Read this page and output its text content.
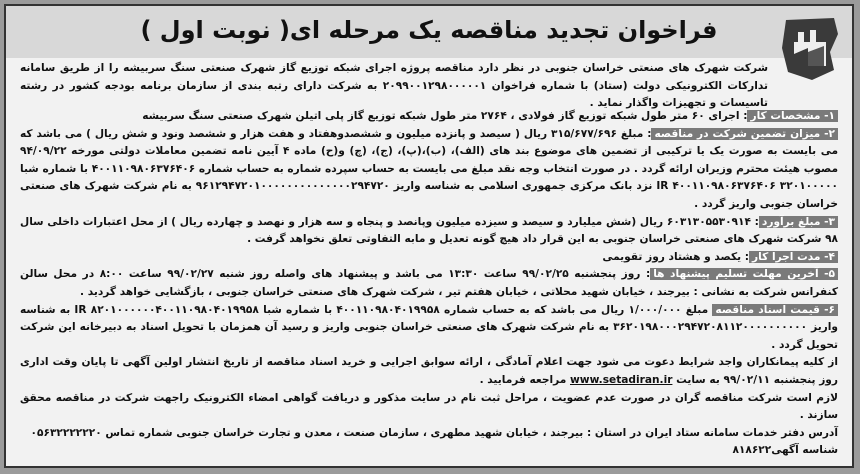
فراخوان تجدید مناقصه یک مرحله ای( نوبت اول )
شرکت شهرک های صنعتی خراسان جنوبی در نظر دارد مناقصه پروژه اجرای شبکه توزیع گاز شهرک صنعتی سنگ سربیشه را از طریق سامانه تدارکات الکترونیکی دولت (ستاد) با شماره فراخوان ۲۰۹۹۰۰۱۲۹۸۰۰۰۰۰۱ به شرکت دارای رتبه بندی از سازمان برنامه بودجه کشور در رشته تاسیسات و تجهیزات واگذار نماید .
۱- مشخصات کار: اجرای ۶۰ متر طول شبکه توزیع گاز فولادی ، ۲۷۶۴ متر طول شبکه توزیع گاز پلی اتیلن شهرک صنعتی سنگ سربیشه
۲- میزان تضمین شرکت در مناقصه: مبلغ ۳۱۵/۶۷۷/۶۹۶ ریال ( سیصد و پانزده میلیون و ششصدوهفتاد و هفت هزار و ششصد ونود و شش ریال ) می باشد که می بایست به صورت یک یا ترکیبی از تضمین های موضوع بند های (الف)، (ب)،(پ)، (ج)، (چ) و(ح) ماده ۴ آیین نامه تضمین معاملات دولتی مورخه ۹۴/۰۹/۲۲ مصوب هیئت محترم وزیران ارائه گردد . در صورت انتخاب وجه نقد مبلغ می بایست به حساب سپرده شماره به حساب شماره ۴۰۰۱۱۰۹۸۰۶۳۷۶۴۰۶ با شماره شبا IR ۴۰۰۱۱۰۹۸۰۶۳۷۶۴۰۶ ۳۲۰۱۰۰۰۰۰ نزد بانک مرکزی جمهوری اسلامی به شناسه واریز ۹۶۱۲۹۴۷۲۰۱۰۰۰۰۰۰۰۰۰۰۰۰۰۰۲۹۴۷۲۰ به نام شرکت شهرک های صنعتی خراسان جنوبی واریز گردد .
۳- مبلغ برآورد: ۶۰۳۱۳۰۵۵۳۰۹۱۴ ریال (شش میلیارد و سیصد و سیزده میلیون وپانصد و پنجاه و سه هزار و نهصد و چهارده ریال ) از محل اعتبارات داخلی سال ۹۸ شرکت شهرک های صنعتی خراسان جنوبی به این قرار داد هیچ گونه تعدیل و مابه التفاوتی تعلق نخواهد گرفت .
۴- مدت اجرا کار: یکصد و هشتاد روز تقویمی
۵- آخرین مهلت تسلیم پیشنهاد ها: روز پنجشنبه ۹۹/۰۲/۲۵ ساعت ۱۳:۳۰ می باشد و پیشنهاد های واصله روز شنبه ۹۹/۰۲/۲۷ ساعت ۸:۰۰ در محل سالن کنفرانس شرکت به نشانی : بیرجند ، خیابان شهید محلاتی ، خیابان هفتم تیر ، شرکت شهرک های صنعتی خراسان جنوبی ، بازگشایی خواهد گردید .
۶- قیمت اسناد مناقصه مبلغ ۱/۰۰۰/۰۰۰ ریال می باشد که به حساب شماره ۴۰۰۱۱۰۹۸۰۴۰۱۹۹۵۸ با شماره شبا IR ۸۲۰۱۰۰۰۰۰۰۴۰۰۱۱۰۹۸۰۴۰۱۹۹۵۸ به شناسه واریز ۳۶۲۰۱۹۸۰۰۰۲۹۴۷۲۰۸۱۱۲۰۰۰۰۰۰۰۰۰۰ به نام شرکت شهرک های صنعتی خراسان جنوبی واریز و رسید آن همزمان با تحویل اسناد به دبیرخانه این شرکت تحویل گردد .
از کلیه پیمانکاران واجد شرایط دعوت می شود جهت اعلام آمادگی ، ارائه سوابق اجرایی و خرید اسناد مناقصه از تاریخ انتشار اولین آگهی تا پایان وقت اداری روز پنجشنبه ۹۹/۰۲/۱۱ به سایت www.setadiran.ir مراجعه فرمایید .
لازم است شرکت مناقصه گران در صورت عدم عضویت ، مراحل ثبت نام در سایت مذکور و دریافت گواهی امضاء الکترونیک راجهت شرکت در مناقصه محقق سازند .
آدرس دفتر خدمات سامانه ستاد ایران در استان : بیرجند ، خیابان شهید مطهری ، سازمان صنعت ، معدن و تجارت خراسان جنوبی شماره تماس ۰۵۶۳۲۲۲۲۲۲۰
شناسه آگهی۸۱۸۶۲۲
